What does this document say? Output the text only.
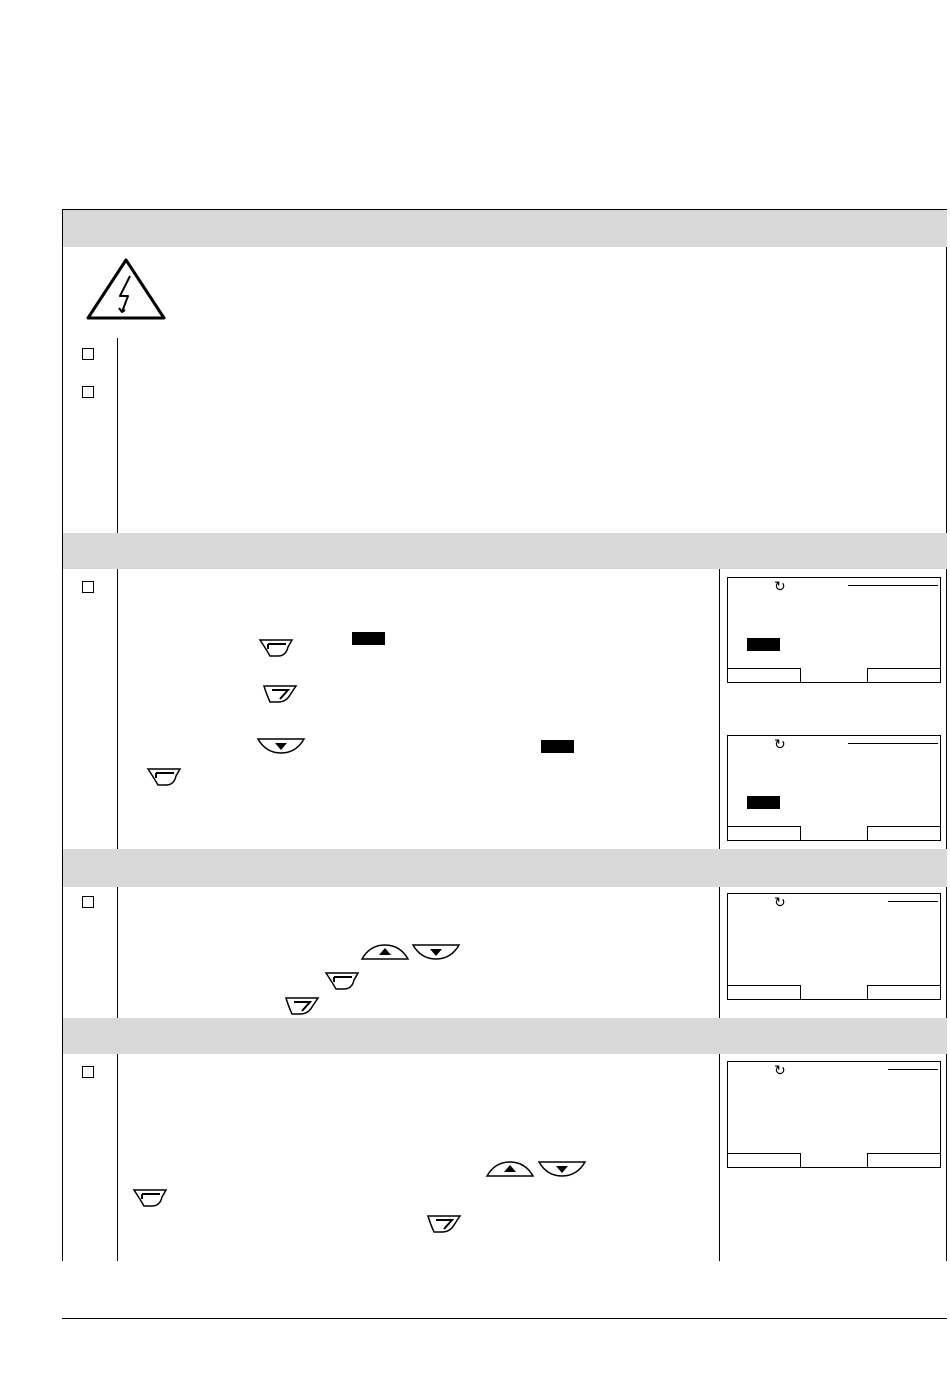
↻
↻
↻
↻
